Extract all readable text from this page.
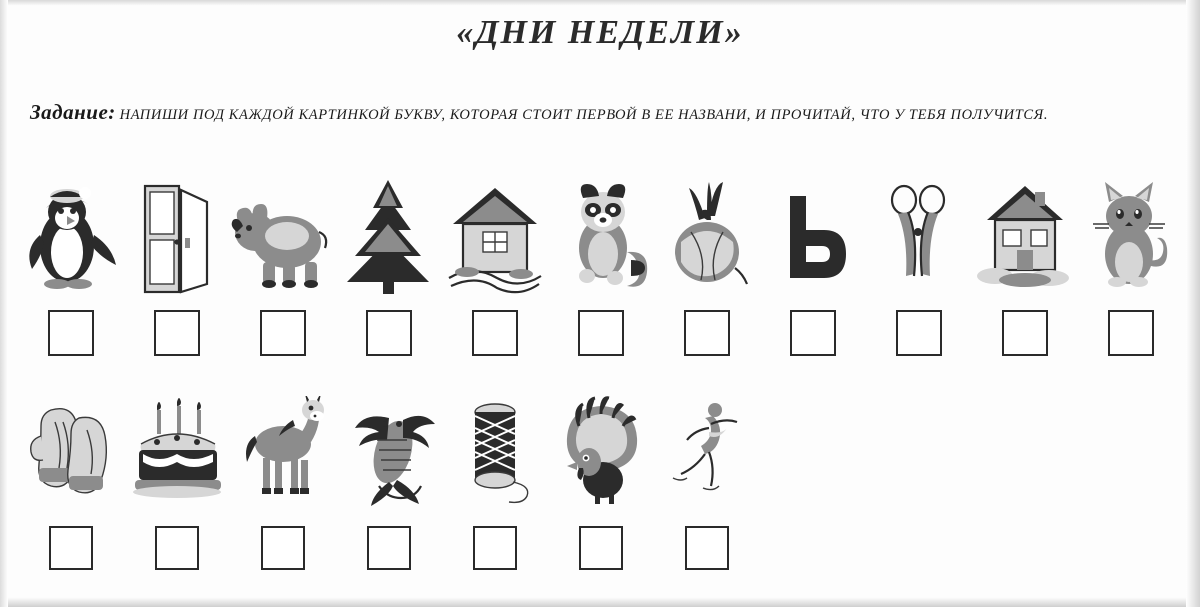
«ДНИ НЕДЕЛИ»
Задание: НАПИШИ ПОД КАЖДОЙ КАРТИНКОЙ БУКВУ, КОТОРАЯ СТОИТ ПЕРВОЙ В ЕЕ НАЗВАНИ, И ПРОЧИТАЙ, ЧТО У ТЕБЯ ПОЛУЧИТСЯ.
